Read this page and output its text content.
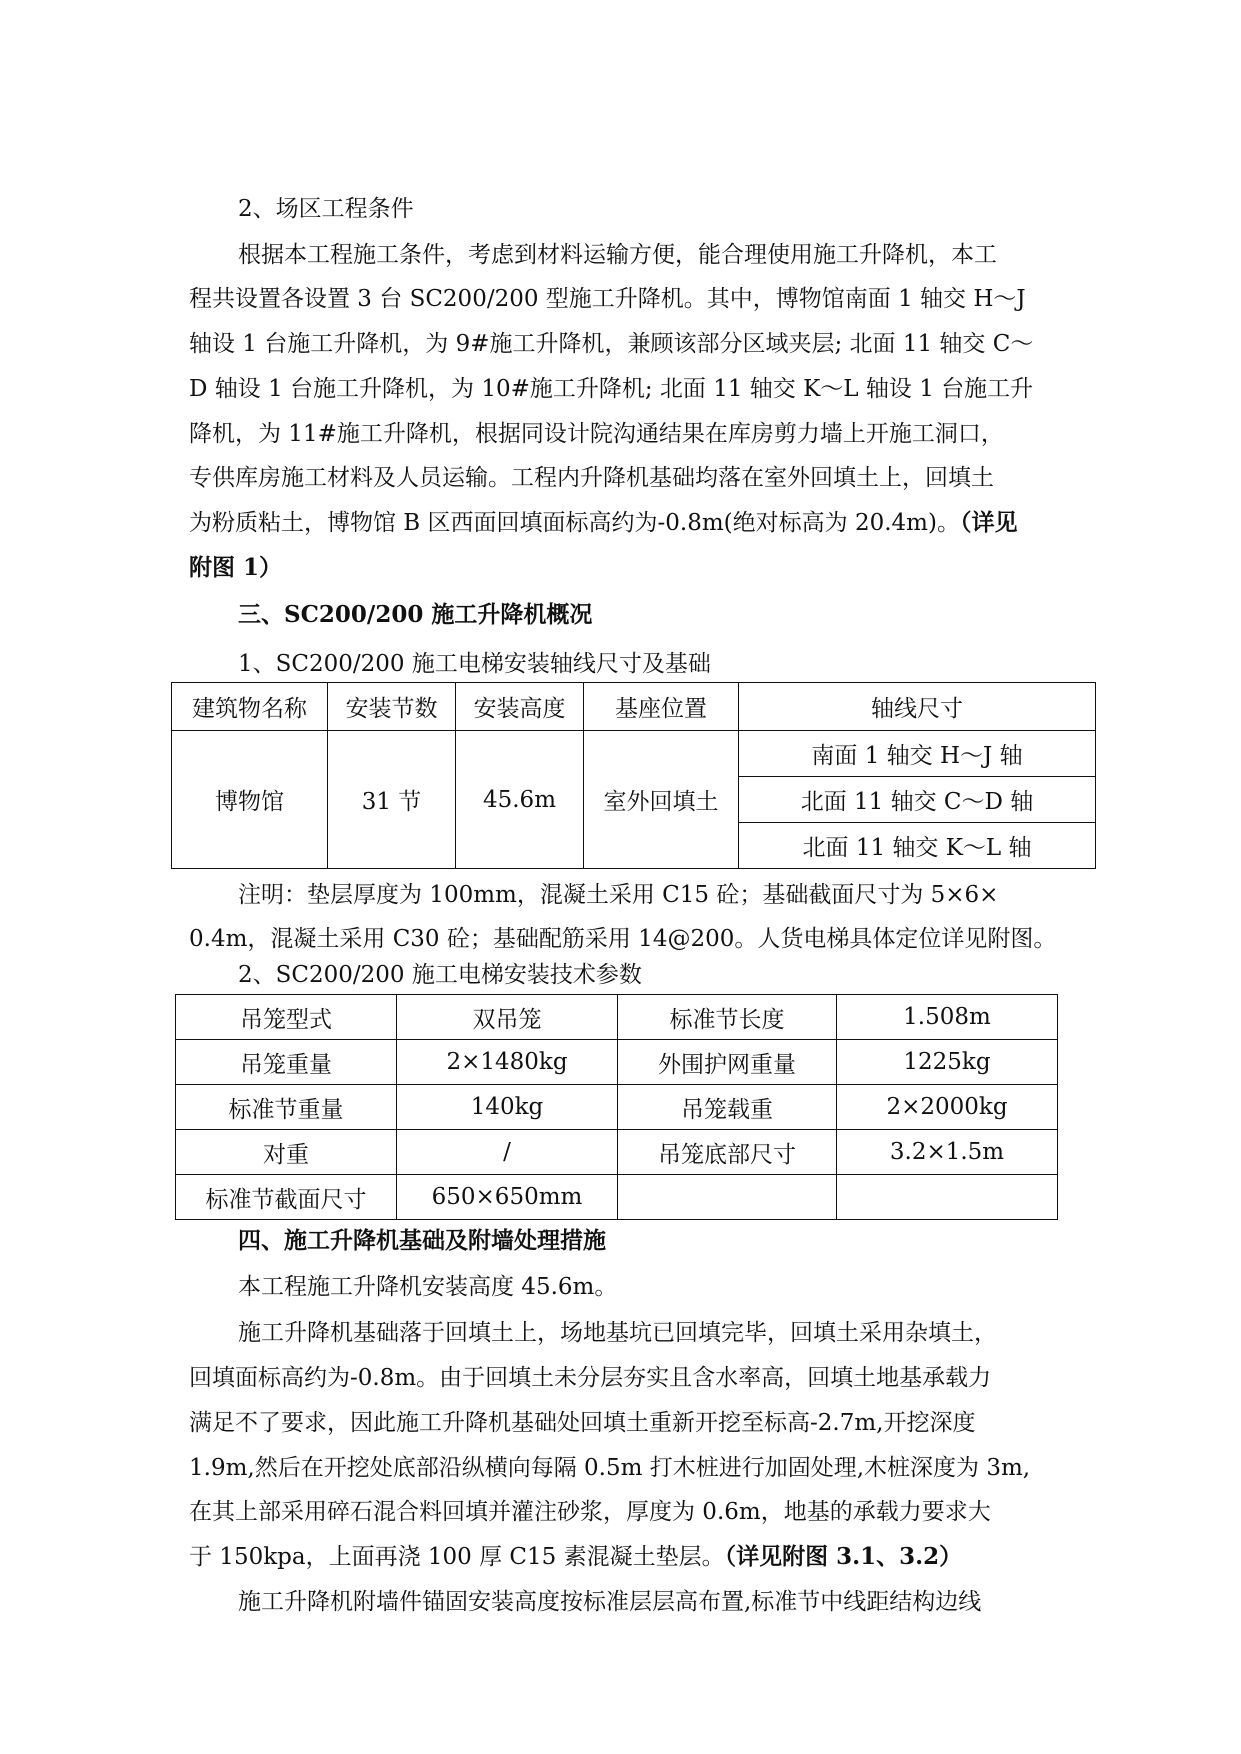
2、场区工程条件
根据本工程施工条件，考虑到材料运输方便，能合理使用施工升降机，本工
程共设置各设置 3 台 SC200/200 型施工升降机。其中，博物馆南面 1 轴交 H～J
轴设 1 台施工升降机，为 9#施工升降机，兼顾该部分区域夹层; 北面 11 轴交 C～
D 轴设 1 台施工升降机，为 10#施工升降机; 北面 11 轴交 K～L 轴设 1 台施工升
降机，为 11#施工升降机，根据同设计院沟通结果在库房剪力墙上开施工洞口，
专供库房施工材料及人员运输。工程内升降机基础均落在室外回填土上，回填土
为粉质粘土，博物馆 B 区西面回填面标高约为-0.8m(绝对标高为 20.4m)。（详见
附图 1）
三、SC200/200 施工升降机概况
1、SC200/200 施工电梯安装轴线尺寸及基础
建筑物名称	安装节数	安装高度	基座位置	轴线尺寸
博物馆	31 节	45.6m	室外回填土	南面 1 轴交 H～J 轴
				北面 11 轴交 C～D 轴
				北面 11 轴交 K～L 轴
注明：垫层厚度为 100mm，混凝土采用 C15 砼；基础截面尺寸为 5×6×
0.4m，混凝土采用 C30 砼；基础配筋采用 14@200。人货电梯具体定位详见附图。
2、SC200/200 施工电梯安装技术参数
吊笼型式	双吊笼	标准节长度	1.508m
吊笼重量	2×1480kg	外围护网重量	1225kg
标准节重量	140kg	吊笼载重	2×2000kg
对重	/	吊笼底部尺寸	3.2×1.5m
标准节截面尺寸	650×650mm		
四、施工升降机基础及附墙处理措施
本工程施工升降机安装高度 45.6m。
施工升降机基础落于回填土上，场地基坑已回填完毕，回填土采用杂填土，
回填面标高约为-0.8m。由于回填土未分层夯实且含水率高，回填土地基承载力
满足不了要求，因此施工升降机基础处回填土重新开挖至标高-2.7m,开挖深度
1.9m,然后在开挖处底部沿纵横向每隔 0.5m 打木桩进行加固处理,木桩深度为 3m,
在其上部采用碎石混合料回填并灌注砂浆，厚度为 0.6m，地基的承载力要求大
于 150kpa，上面再浇 100 厚 C15 素混凝土垫层。（详见附图 3.1、3.2）
施工升降机附墙件锚固安装高度按标准层层高布置,标准节中线距结构边线
